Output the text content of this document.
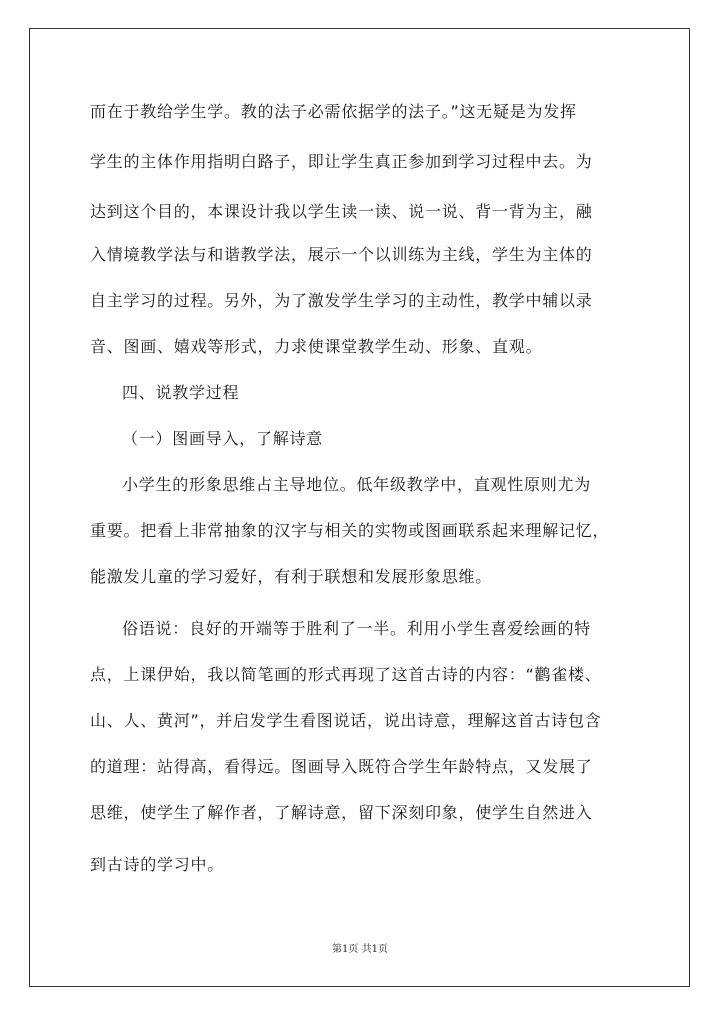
而在于教给学生学。教的法子必需依据学的法子。”这无疑是为发挥
学生的主体作用指明白路子，即让学生真正参加到学习过程中去。为
达到这个目的，本课设计我以学生读一读、说一说、背一背为主，融
入情境教学法与和谐教学法，展示一个以训练为主线，学生为主体的
自主学习的过程。另外，为了激发学生学习的主动性，教学中辅以录
音、图画、嬉戏等形式，力求使课堂教学生动、形象、直观。
四、说教学过程
（一）图画导入，了解诗意
小学生的形象思维占主导地位。低年级教学中，直观性原则尤为
重要。把看上非常抽象的汉字与相关的实物或图画联系起来理解记忆，
能激发儿童的学习爱好，有利于联想和发展形象思维。
俗语说：良好的开端等于胜利了一半。利用小学生喜爱绘画的特
点，上课伊始，我以简笔画的形式再现了这首古诗的内容：“鹳雀楼、
山、人、黄河”，并启发学生看图说话，说出诗意，理解这首古诗包含
的道理：站得高，看得远。图画导入既符合学生年龄特点，又发展了
思维，使学生了解作者，了解诗意，留下深刻印象，使学生自然进入
到古诗的学习中。
第1页 共1页
